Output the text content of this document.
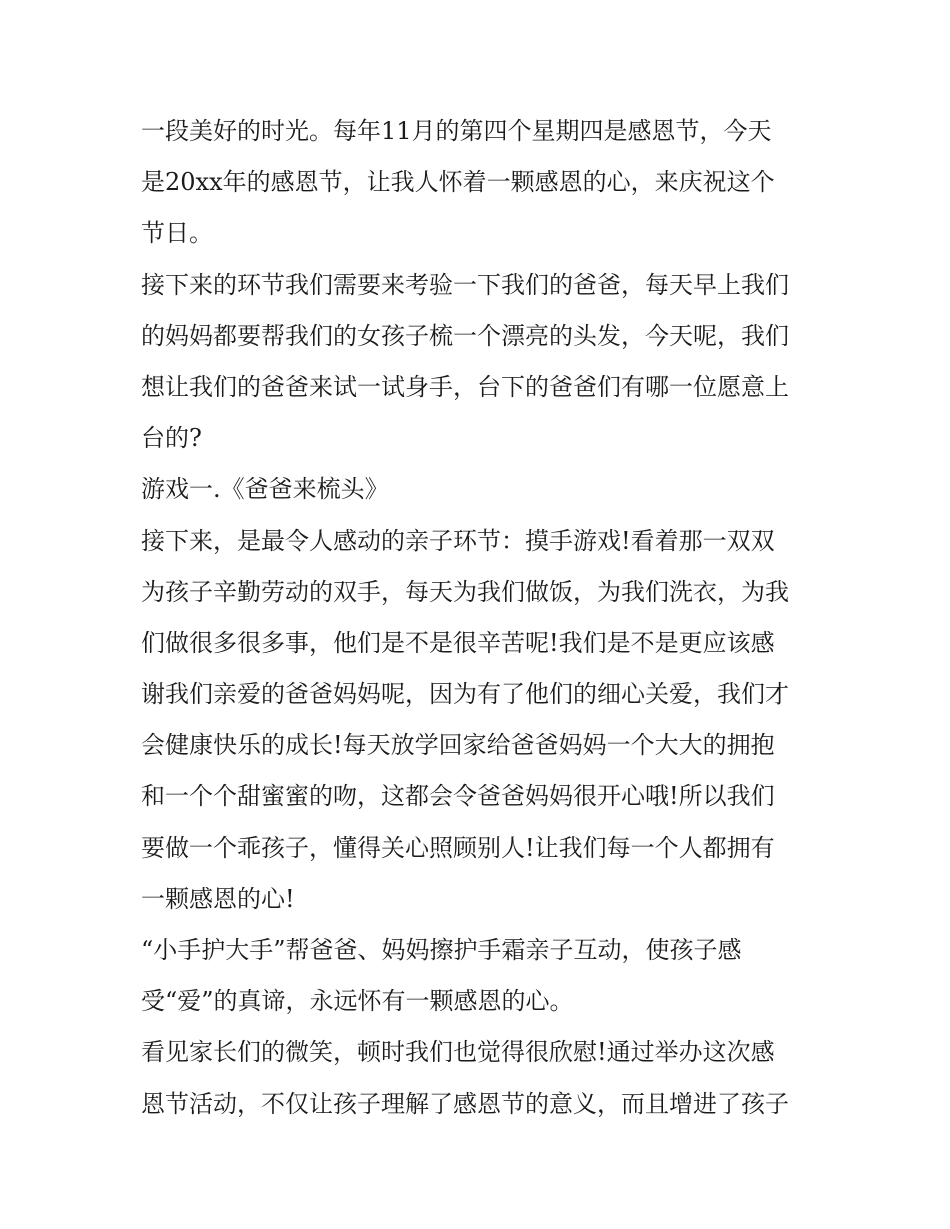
一段美好的时光。每年11月的第四个星期四是感恩节，今天
是20xx年的感恩节，让我人怀着一颗感恩的心，来庆祝这个
节日。
接下来的环节我们需要来考验一下我们的爸爸，每天早上我们
的妈妈都要帮我们的女孩子梳一个漂亮的头发，今天呢，我们
想让我们的爸爸来试一试身手，台下的爸爸们有哪一位愿意上
台的?
游戏一.《爸爸来梳头》
接下来，是最令人感动的亲子环节：摸手游戏!看着那一双双
为孩子辛勤劳动的双手，每天为我们做饭，为我们洗衣，为我
们做很多很多事，他们是不是很辛苦呢!我们是不是更应该感
谢我们亲爱的爸爸妈妈呢，因为有了他们的细心关爱，我们才
会健康快乐的成长!每天放学回家给爸爸妈妈一个大大的拥抱
和一个个甜蜜蜜的吻，这都会令爸爸妈妈很开心哦!所以我们
要做一个乖孩子，懂得关心照顾别人!让我们每一个人都拥有
一颗感恩的心!
“小手护大手”帮爸爸、妈妈擦护手霜亲子互动，使孩子感
受“爱”的真谛，永远怀有一颗感恩的心。
看见家长们的微笑，顿时我们也觉得很欣慰!通过举办这次感
恩节活动，不仅让孩子理解了感恩节的意义，而且增进了孩子
